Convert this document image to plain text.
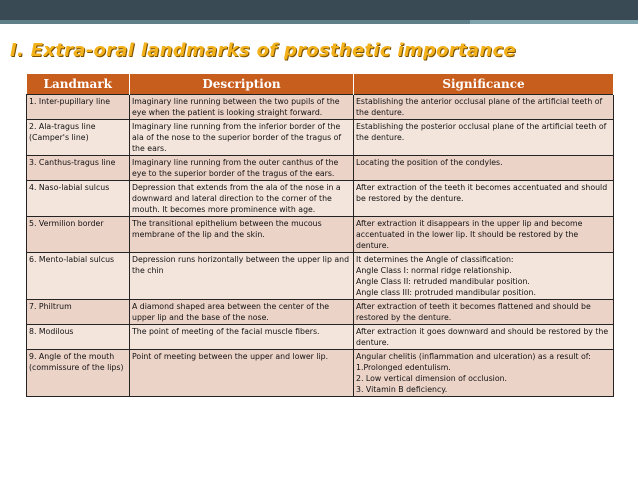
I. Extra-oral landmarks of prosthetic importance
Landmark	Description	Significance
1. Inter-pupillary line	Imaginary line running between the two pupils of the eye when the patient is looking straight forward.	Establishing the anterior occlusal plane of the artificial teeth of the denture.

2. Ala-tragus line (Camper's line)	Imaginary line running from the inferior border of the ala of the nose to the superior border of the tragus of the ears.	Establishing the posterior occlusal plane of the artificial teeth of the denture.

3. Canthus-tragus line	Imaginary line running from the outer canthus of the eye to the superior border of the tragus of the ears.	Locating the position of the condyles.

4. Naso-labial sulcus	Depression that extends from the ala of the nose in a downward and lateral direction to the corner of the mouth. It becomes more prominence with age.	After extraction of the teeth it becomes accentuated and should be restored by the denture.

5. Vermilion border	The transitional epithelium between the mucous membrane of the lip and the skin.	After extraction it disappears in the upper lip and become accentuated in the lower lip. It should be restored by the denture.

6. Mento-labial sulcus	Depression runs horizontally between the upper lip and the chin	It determines the Angle of classification:
Angle Class I: normal ridge relationship.
Angle Class II: retruded mandibular position.
Angle class III: protruded mandibular position.

7. Philtrum	A diamond shaped area between the center of the upper lip and the base of the nose.	After extraction of teeth it becomes flattened and should be restored by the denture.

8. Modilous	The point of meeting of the facial muscle fibers.	After extraction it goes downward and should be restored by the denture.

9. Angle of the mouth (commissure of the lips)	Point of meeting between the upper and lower lip.	Angular chelitis (inflammation and ulceration) as a result of:
1.Prolonged edentulism.
2. Low vertical dimension of occlusion.
3. Vitamin B deficiency.
